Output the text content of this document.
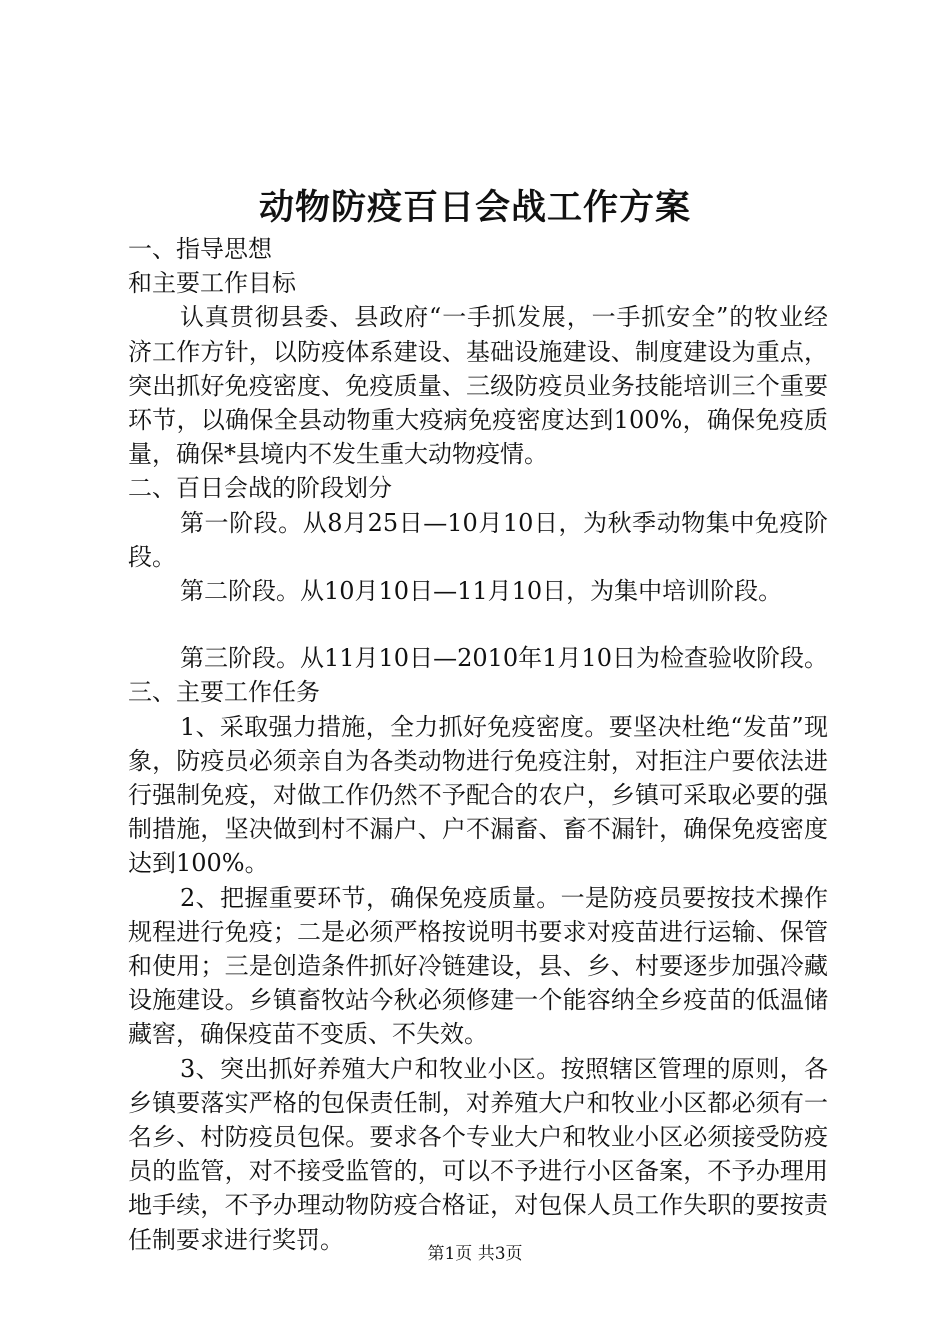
动物防疫百日会战工作方案

一、指导思想

和主要工作目标

认真贯彻县委、县政府“一手抓发展，一手抓安全”的牧业经济工作方针，以防疫体系建设、基础设施建设、制度建设为重点，突出抓好免疫密度、免疫质量、三级防疫员业务技能培训三个重要环节，以确保全县动物重大疫病免疫密度达到100%，确保免疫质量，确保*县境内不发生重大动物疫情。

二、百日会战的阶段划分

第一阶段。从8月25日—10月10日，为秋季动物集中免疫阶段。

第二阶段。从10月10日—11月10日，为集中培训阶段。

第三阶段。从11月10日—2010年1月10日为检查验收阶段。

三、主要工作任务

1、采取强力措施，全力抓好免疫密度。要坚决杜绝“发苗”现象，防疫员必须亲自为各类动物进行免疫注射，对拒注户要依法进行强制免疫，对做工作仍然不予配合的农户，乡镇可采取必要的强制措施，坚决做到村不漏户、户不漏畜、畜不漏针，确保免疫密度达到100%。

2、把握重要环节，确保免疫质量。一是防疫员要按技术操作规程进行免疫；二是必须严格按说明书要求对疫苗进行运输、保管和使用；三是创造条件抓好冷链建设，县、乡、村要逐步加强冷藏设施建设。乡镇畜牧站今秋必须修建一个能容纳全乡疫苗的低温储藏窖，确保疫苗不变质、不失效。

3、突出抓好养殖大户和牧业小区。按照辖区管理的原则，各乡镇要落实严格的包保责任制，对养殖大户和牧业小区都必须有一名乡、村防疫员包保。要求各个专业大户和牧业小区必须接受防疫员的监管，对不接受监管的，可以不予进行小区备案，不予办理用地手续，不予办理动物防疫合格证，对包保人员工作失职的要按责任制要求进行奖罚。

第1页 共3页
